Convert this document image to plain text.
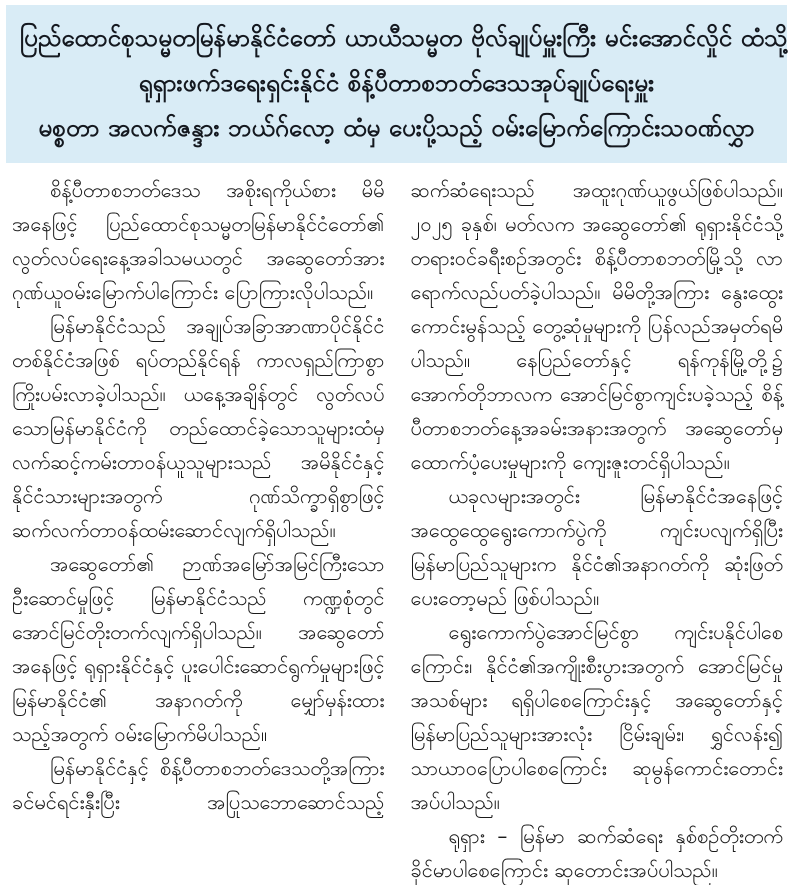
ပြည်ထောင်စုသမ္မတမြန်မာနိုင်ငံတော် ယာယီသမ္မတ ဗိုလ်ချုပ်မှူးကြီး မင်းအောင်လှိုင် ထံသို့
ရုရှားဖက်ဒရေးရှင်းနိုင်ငံ စိန့်ပီတာစဘတ်ဒေသအုပ်ချုပ်ရေးမှူး
မစ္စတာ အလက်ဇန္ဒား ဘယ်ဂ်လော့ ထံမှ ပေးပို့သည့် ဝမ်းမြောက်ကြောင်းသဝဏ်လွှာ

စိန့်ပီတာစဘတ်ဒေသ အစိုးရကိုယ်စား မိမိအနေဖြင့် ပြည်ထောင်စုသမ္မတမြန်မာနိုင်ငံတော်၏ လွတ်လပ်ရေးနေ့အခါသမယတွင် အဆွေတော်အား ဂုဏ်ယူဝမ်းမြောက်ပါကြောင်း ပြောကြားလိုပါသည်။

မြန်မာနိုင်ငံသည် အချုပ်အခြာအာဏာပိုင်နိုင်ငံတစ်နိုင်ငံအဖြစ် ရပ်တည်နိုင်ရန် ကာလရှည်ကြာစွာ ကြိုးပမ်းလာခဲ့ပါသည်။ ယနေ့အချိန်တွင် လွတ်လပ်သောမြန်မာနိုင်ငံကို တည်ထောင်ခဲ့သောသူများထံမှ လက်ဆင့်ကမ်းတာဝန်ယူသူများသည် အမိနိုင်ငံနှင့် နိုင်ငံသားများအတွက် ဂုဏ်သိက္ခာရှိစွာဖြင့် ဆက်လက်တာဝန်ထမ်းဆောင်လျက်ရှိပါသည်။

အဆွေတော်၏ ဉာဏ်အမြော်အမြင်ကြီးသော ဦးဆောင်မှုဖြင့် မြန်မာနိုင်ငံသည် ကဏ္ဍစုံတွင် အောင်မြင်တိုးတက်လျက်ရှိပါသည်။ အဆွေတော်အနေဖြင့် ရုရှားနိုင်ငံနှင့် ပူးပေါင်းဆောင်ရွက်မှုများဖြင့် မြန်မာနိုင်ငံ၏ အနာဂတ်ကို မျှော်မှန်းထားသည့်အတွက် ဝမ်းမြောက်မိပါသည်။

မြန်မာနိုင်ငံနှင့် စိန့်ပီတာစဘတ်ဒေသတို့အကြား ခင်မင်ရင်းနှီးပြီး အပြုသဘောဆောင်သည့်

ဆက်ဆံရေးသည် အထူးဂုဏ်ယူဖွယ်ဖြစ်ပါသည်။ ၂၀၂၅ ခုနှစ်၊ မတ်လက အဆွေတော်၏ ရုရှားနိုင်ငံသို့ တရားဝင်ခရီးစဉ်အတွင်း စိန့်ပီတာစဘတ်မြို့သို့ လာရောက်လည်ပတ်ခဲ့ပါသည်။ မိမိတို့အကြား နွေးထွေးကောင်းမွန်သည့် တွေ့ဆုံမှုများကို ပြန်လည်အမှတ်ရမိပါသည်။ နေပြည်တော်နှင့် ရန်ကုန်မြို့တို့၌ အောက်တိုဘာလက အောင်မြင်စွာကျင်းပခဲ့သည့် စိန့်ပီတာစဘတ်နေ့အခမ်းအနားအတွက် အဆွေတော်မှ ထောက်ပံ့ပေးမှုများကို ကျေးဇူးတင်ရှိပါသည်။

ယခုလများအတွင်း မြန်မာနိုင်ငံအနေဖြင့် အထွေထွေရွေးကောက်ပွဲကို ကျင်းပလျက်ရှိပြီး မြန်မာပြည်သူများက နိုင်ငံ၏အနာဂတ်ကို ဆုံးဖြတ်ပေးတော့မည် ဖြစ်ပါသည်။

ရွေးကောက်ပွဲအောင်မြင်စွာ ကျင်းပနိုင်ပါစေကြောင်း၊ နိုင်ငံ၏အကျိုးစီးပွားအတွက် အောင်မြင်မှုအသစ်များ ရရှိပါစေကြောင်းနှင့် အဆွေတော်နှင့် မြန်မာပြည်သူများအားလုံး ငြိမ်းချမ်း၊ ရွှင်လန်း၍ သာယာဝပြောပါစေကြောင်း ဆုမွန်ကောင်းတောင်းအပ်ပါသည်။

ရုရှား – မြန်မာ ဆက်ဆံရေး နှစ်စဉ်တိုးတက်ခိုင်မာပါစေကြောင်း ဆုတောင်းအပ်ပါသည်။
